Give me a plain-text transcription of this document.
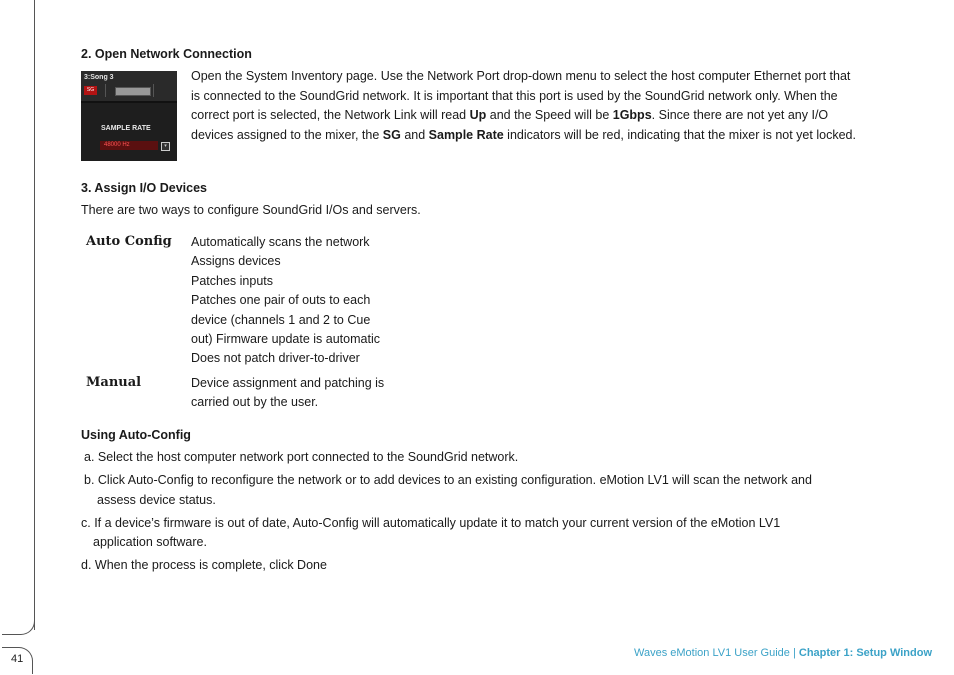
41
2. Open Network Connection
3:Song 3
SG
SAMPLE RATE
48000 Hz	▾
Open the System Inventory page. Use the Network Port drop-down menu to select the host computer Ethernet port that
is connected to the SoundGrid network. It is important that this port is used by the SoundGrid network only. When the
correct port is selected, the Network Link will read Up and the Speed will be 1Gbps. Since there are not yet any I/O
devices assigned to the mixer, the SG and Sample Rate indicators will be red, indicating that the mixer is not yet locked.
3. Assign I/O Devices
There are two ways to configure SoundGrid I/Os and servers.
Auto Config Automatically scans the network
Assigns devices
Patches inputs
Patches one pair of outs to each
device (channels 1 and 2 to Cue
out) Firmware update is automatic
Does not patch driver-to-driver
Manual	Device assignment and patching is
carried out by the user.
Using Auto-Config
a. Select the host computer network port connected to the SoundGrid network.
b. Click Auto-Config to reconfigure the network or to add devices to an existing configuration. eMotion LV1 will scan the network and
assess device status.
c. If a device’s firmware is out of date, Auto-Config will automatically update it to match your current version of the eMotion LV1
application software.
d. When the process is complete, click Done
Waves eMotion LV1 User Guide | Chapter 1: Setup Window
